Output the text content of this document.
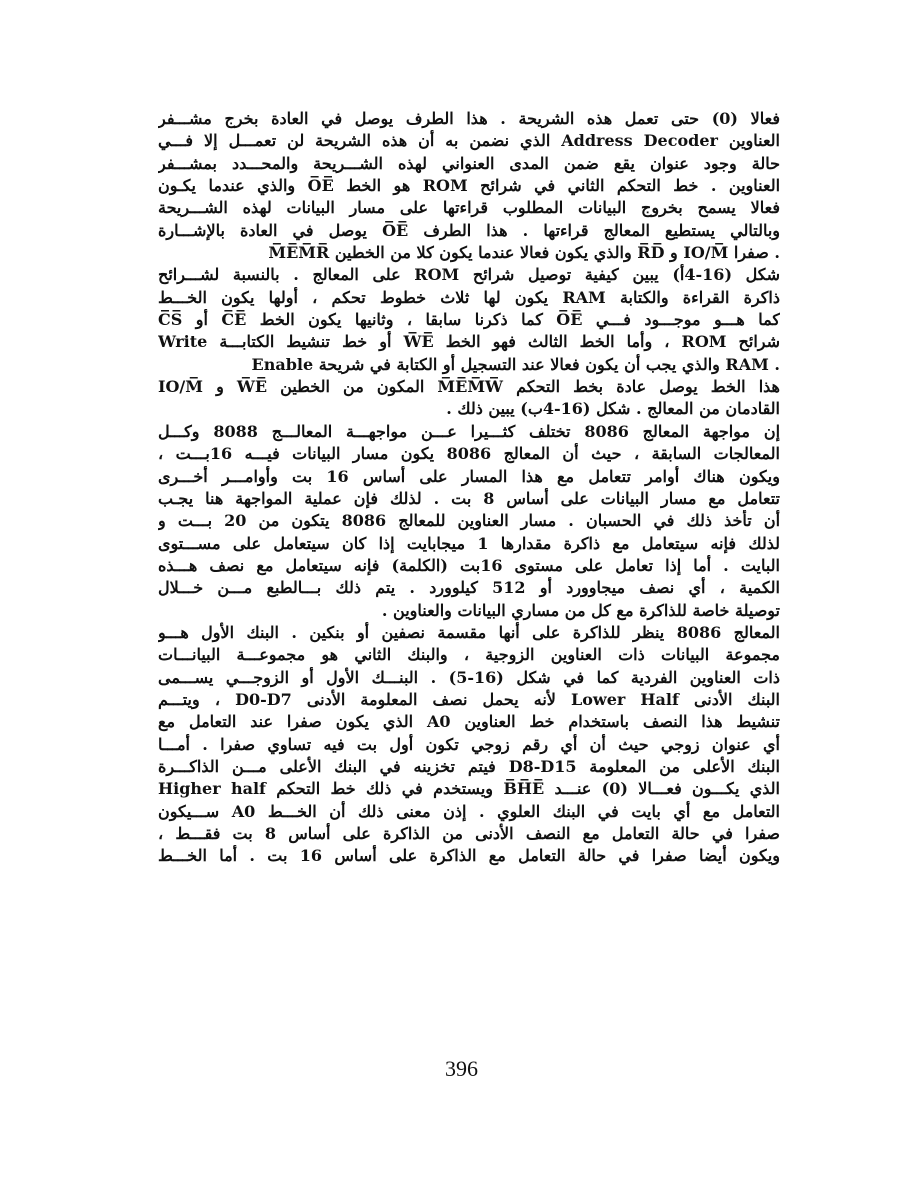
فعالا (0) حتى تعمل هذه الشريحة . هذا الطرف يوصل في العادة بخرج مشـــفر
العناوين Address Decoder الذي نضمن به أن هذه الشريحة لن تعمـــل إلا فـــي
حالة وجود عنوان يقع ضمن المدى العنواني لهذه الشـــريحة والمحـــدد بمشـــفر
العناوين . خط التحكم الثاني في شرائح ROM هو الخط O̅E̅ والذي عندما يكـون
فعالا يسمح بخروج البيانات المطلوب قراءتها على مسار البيانات لهذه الشـــريحة
وبالتالي يستطيع المعالج قراءتها . هذا الطرف O̅E̅ يوصل في العادة بالإشـــارة
M̅E̅M̅R̅ والذي يكون فعالا عندما يكون كلا من الخطين R̅D̅ و IO/M̅ صفرا .
شكل (16-4أ) يبين كيفية توصيل شرائح ROM على المعالج . بالنسبة لشـــرائح
ذاكرة القراءة والكتابة RAM يكون لها ثلاث خطوط تحكم ، أولها يكون الخـــط
C̅S̅ أو C̅E̅ كما ذكرنا سابقا ، وثانيها يكون الخط O̅E̅ كما هـــو موجـــود فـــي
شرائح ROM ، وأما الخط الثالث فهو الخط W̅E̅ أو خط تنشيط الكتابـــة Write
Enable والذي يجب أن يكون فعالا عند التسجيل أو الكتابة في شريحة RAM .
هذا الخط يوصل عادة بخط التحكم M̅E̅M̅W̅ المكون من الخطين W̅E̅ و IO/M̅
القادمان من المعالج . شكل (16-4ب) يبين ذلك .
إن مواجهة المعالج 8086 تختلف كثـــيرا عـــن مواجهـــة المعالـــج 8088 وكـــل
المعالجات السابقة ، حيث أن المعالج 8086 يكون مسار البيانات فيـــه 16بـــت ،
ويكون هناك أوامر تتعامل مع هذا المسار على أساس 16 بت وأوامـــر أخـــرى
تتعامل مع مسار البيانات على أساس 8 بت . لذلك فإن عملية المواجهة هنا يجـب
أن تأخذ ذلك في الحسبان . مسار العناوين للمعالج 8086 يتكون من 20 بـــت و
لذلك فإنه سيتعامل مع ذاكرة مقدارها 1 ميجابايت إذا كان سيتعامل على مســـتوى
البايت . أما إذا تعامل على مستوى 16بت (الكلمة) فإنه سيتعامل مع نصف هـــذه
الكمية ، أي نصف ميجاوورد أو 512 كيلوورد . يتم ذلك بـــالطبع مـــن خـــلال
توصيلة خاصة للذاكرة مع كل من مساري البيانات والعناوين .
المعالج 8086 ينظر للذاكرة على أنها مقسمة نصفين أو بنكين . البنك الأول هـــو
مجموعة البيانات ذات العناوين الزوجية ، والبنك الثاني هو مجموعـــة البيانـــات
ذات العناوين الفردية كما في شكل (16-5) . البنـــك الأول أو الزوجـــي يســـمى
البنك الأدنى Lower Half لأنه يحمل نصف المعلومة الأدنى D0-D7 ، ويتـــم
تنشيط هذا النصف باستخدام خط العناوين A0 الذي يكون صفرا عند التعامل مع
أي عنوان زوجي حيث أن أي رقم زوجي تكون أول بت فيه تساوي صفرا . أمـــا
البنك الأعلى من المعلومة D8-D15 فيتم تخزينه في البنك الأعلى مـــن الذاكـــرة
Higher half ويستخدم في ذلك خط التحكم B̅H̅E̅ الذي يكـــون فعـــالا (0) عنـــد
التعامل مع أي بايت في البنك العلوي . إذن معنى ذلك أن الخـــط A0 ســـيكون
صفرا في حالة التعامل مع النصف الأدنى من الذاكرة على أساس 8 بت فقـــط ،
ويكون أيضا صفرا في حالة التعامل مع الذاكرة على أساس 16 بت . أما الخـــط
396
